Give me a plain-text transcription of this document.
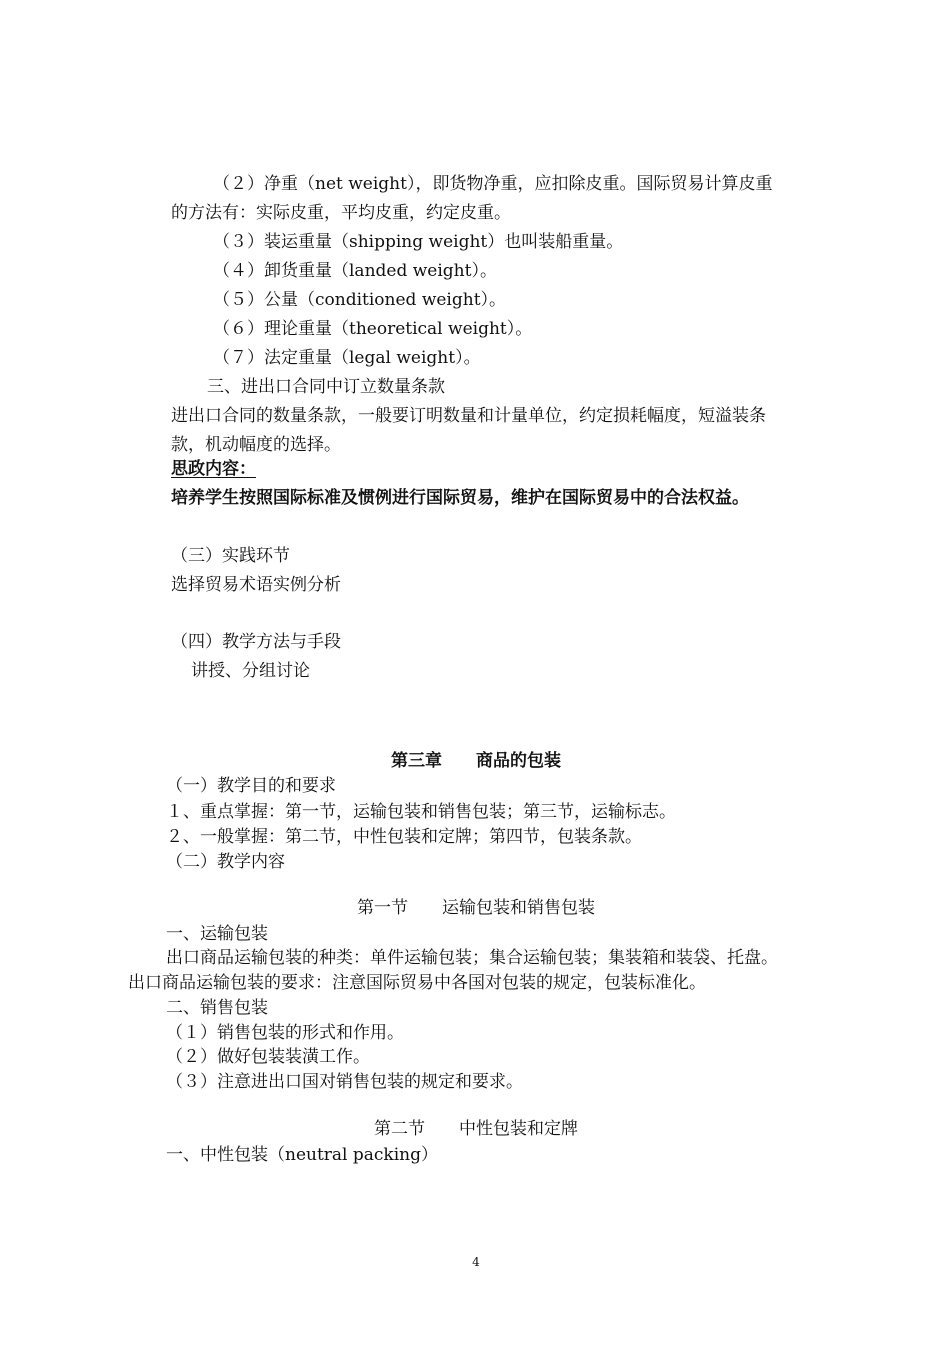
（２）净重（net weight），即货物净重，应扣除皮重。国际贸易计算皮重
的方法有：实际皮重，平均皮重，约定皮重。
（３）装运重量（shipping weight）也叫装船重量。
（４）卸货重量（landed weight）。
（５）公量（conditioned weight）。
（６）理论重量（theoretical weight）。
（７）法定重量（legal weight）。
三、进出口合同中订立数量条款
进出口合同的数量条款，一般要订明数量和计量单位，约定损耗幅度，短溢装条
款，机动幅度的选择。
思政内容：
培养学生按照国际标准及惯例进行国际贸易，维护在国际贸易中的合法权益。
（三）实践环节
选择贸易术语实例分析
（四）教学方法与手段
讲授、分组讨论
第三章　　商品的包装
（一）教学目的和要求
１、重点掌握：第一节，运输包装和销售包装；第三节，运输标志。
２、一般掌握：第二节，中性包装和定牌；第四节，包装条款。
（二）教学内容
第一节　　运输包装和销售包装
一、运输包装
出口商品运输包装的种类：单件运输包装；集合运输包装；集装箱和装袋、托盘。
出口商品运输包装的要求：注意国际贸易中各国对包装的规定，包装标准化。
二、销售包装
（１）销售包装的形式和作用。
（２）做好包装装潢工作。
（３）注意进出口国对销售包装的规定和要求。
第二节　　中性包装和定牌
一、中性包装（neutral packing）
4
